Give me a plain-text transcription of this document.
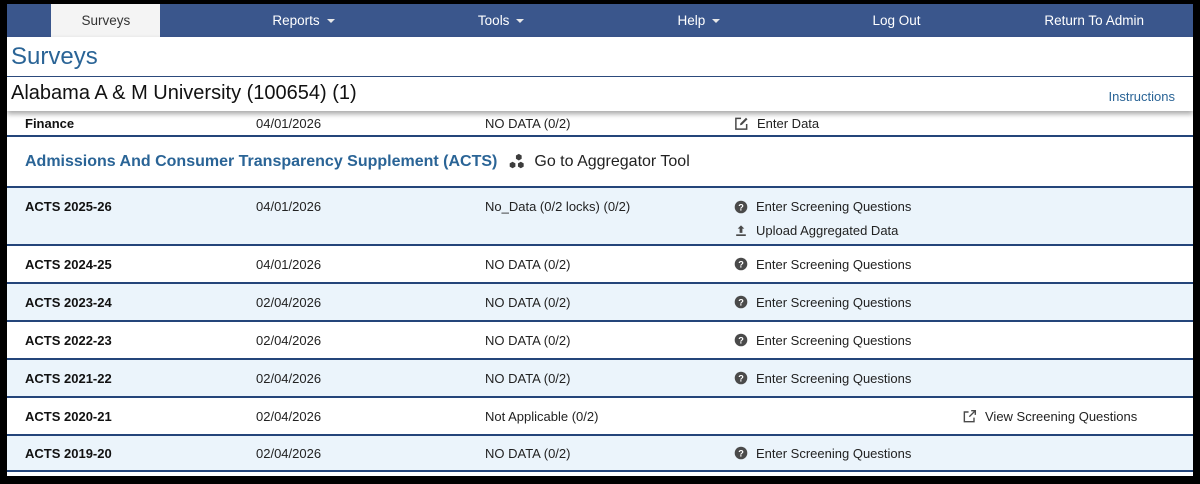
Surveys	Reports	Tools	Help	Log Out	Return To Admin
Surveys
Alabama A & M University (100654) (1)	Instructions
Finance	04/01/2026	NO DATA (0/2)	Enter Data
Admissions And Consumer Transparency Supplement (ACTS) Go to Aggregator Tool
ACTS 2025-26	04/01/2026	No_Data (0/2 locks) (0/2)	? Enter Screening Questions
Upload Aggregated Data
ACTS 2024-25	04/01/2026	NO DATA (0/2)	? Enter Screening Questions
ACTS 2023-24	02/04/2026	NO DATA (0/2)	? Enter Screening Questions
ACTS 2022-23	02/04/2026	NO DATA (0/2)	? Enter Screening Questions
ACTS 2021-22	02/04/2026	NO DATA (0/2)	? Enter Screening Questions
ACTS 2020-21	02/04/2026	Not Applicable (0/2)	View Screening Questions
ACTS 2019-20	02/04/2026	NO DATA (0/2)	? Enter Screening Questions
